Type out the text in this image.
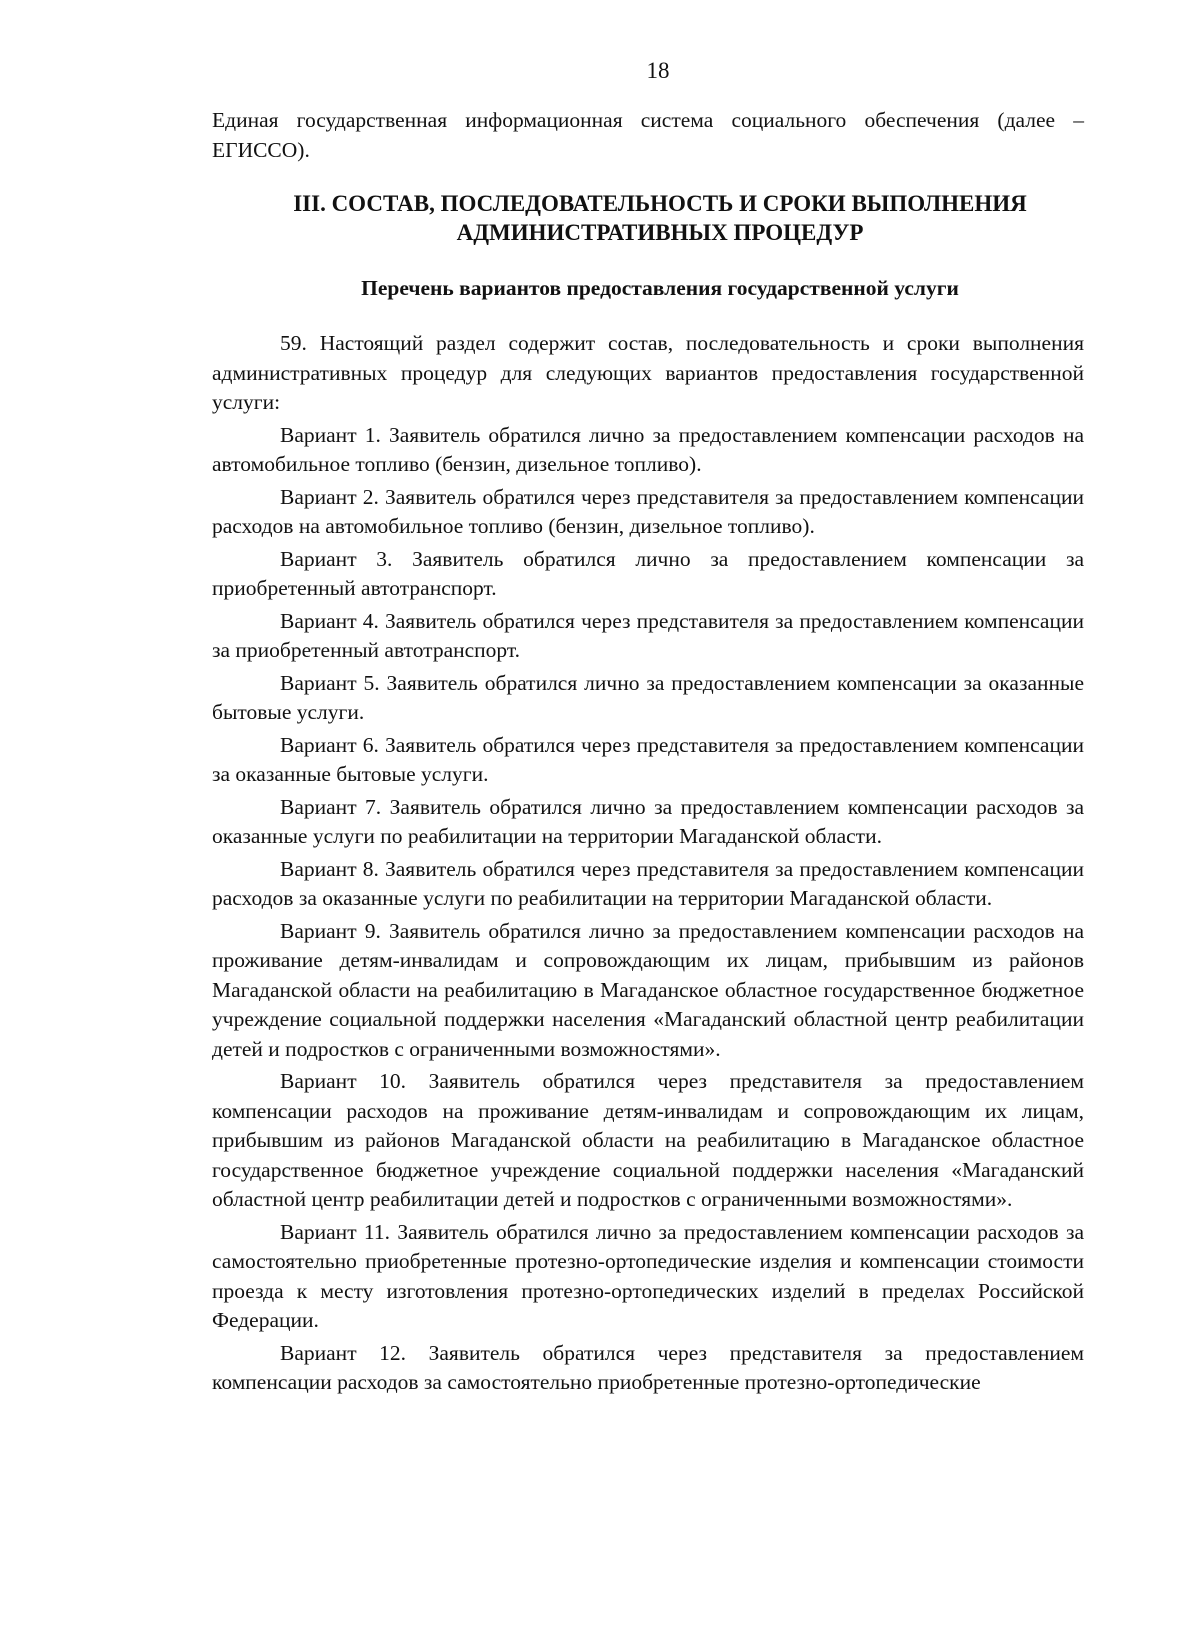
18

Единая государственная информационная система социального обеспечения (далее – ЕГИССО).

III. СОСТАВ, ПОСЛЕДОВАТЕЛЬНОСТЬ И СРОКИ ВЫПОЛНЕНИЯ
АДМИНИСТРАТИВНЫХ ПРОЦЕДУР
Перечень вариантов предоставления государственной услуги

59. Настоящий раздел содержит состав, последовательность и сроки выполнения административных процедур для следующих вариантов предоставления государственной услуги:

Вариант 1. Заявитель обратился лично за предоставлением компенсации расходов на автомобильное топливо (бензин, дизельное топливо).

Вариант 2. Заявитель обратился через представителя за предоставлением компенсации расходов на автомобильное топливо (бензин, дизельное топливо).

Вариант 3. Заявитель обратился лично за предоставлением компенсации за приобретенный автотранспорт.

Вариант 4. Заявитель обратился через представителя за предоставлением компенсации за приобретенный автотранспорт.

Вариант 5. Заявитель обратился лично за предоставлением компенсации за оказанные бытовые услуги.

Вариант 6. Заявитель обратился через представителя за предоставлением компенсации за оказанные бытовые услуги.

Вариант 7. Заявитель обратился лично за предоставлением компенсации расходов за оказанные услуги по реабилитации на территории Магаданской области.

Вариант 8. Заявитель обратился через представителя за предоставлением компенсации расходов за оказанные услуги по реабилитации на территории Магаданской области.

Вариант 9. Заявитель обратился лично за предоставлением компенсации расходов на проживание детям-инвалидам и сопровождающим их лицам, прибывшим из районов Магаданской области на реабилитацию в Магаданское областное государственное бюджетное учреждение социальной поддержки населения «Магаданский областной центр реабилитации детей и подростков с ограниченными возможностями».

Вариант 10. Заявитель обратился через представителя за предоставлением компенсации расходов на проживание детям-инвалидам и сопровождающим их лицам, прибывшим из районов Магаданской области на реабилитацию в Магаданское областное государственное бюджетное учреждение социальной поддержки населения «Магаданский областной центр реабилитации детей и подростков с ограниченными возможностями».

Вариант 11. Заявитель обратился лично за предоставлением компенсации расходов за самостоятельно приобретенные протезно-ортопедические изделия и компенсации стоимости проезда к месту изготовления протезно-ортопедических изделий в пределах Российской Федерации.

Вариант 12. Заявитель обратился через представителя за предоставлением компенсации расходов за самостоятельно приобретенные протезно-ортопедические
